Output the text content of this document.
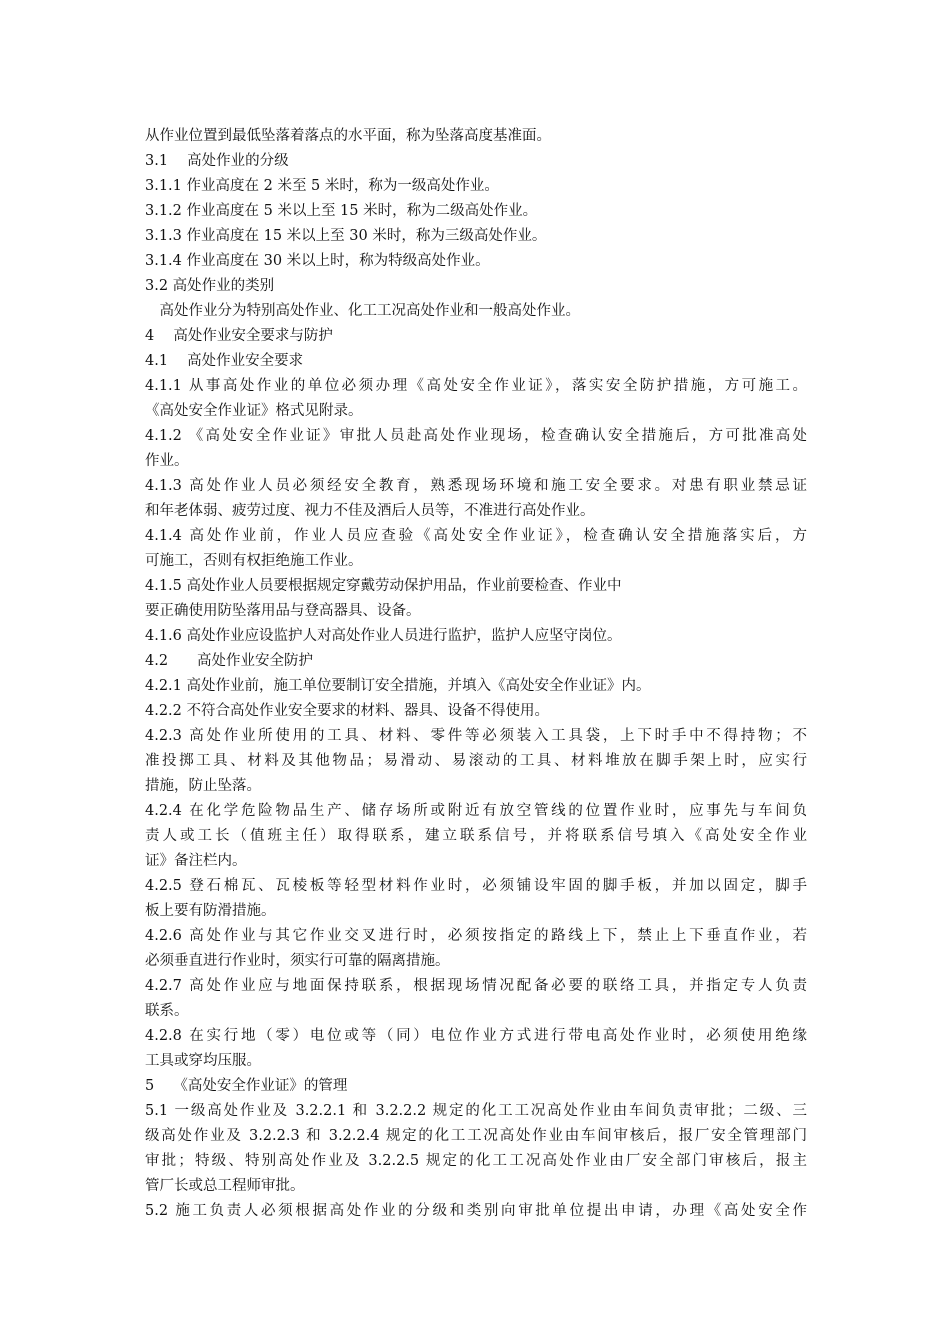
从作业位置到最低坠落着落点的水平面，称为坠落高度基准面。
3.1　 高处作业的分级
3.1.1 作业高度在 2 米至 5 米时，称为一级高处作业。
3.1.2 作业高度在 5 米以上至 15 米时，称为二级高处作业。
3.1.3 作业高度在 15 米以上至 30 米时，称为三级高处作业。
3.1.4 作业高度在 30 米以上时，称为特级高处作业。
3.2 高处作业的类别
　高处作业分为特别高处作业、化工工况高处作业和一般高处作业。
4　 高处作业安全要求与防护
4.1　 高处作业安全要求
4.1.1 从事高处作业的单位必须办理《高处安全作业证》，落实安全防护措施，方可施工。
《高处安全作业证》格式见附录。
4.1.2 《高处安全作业证》审批人员赴高处作业现场，检查确认安全措施后，方可批准高处
作业。
4.1.3 高处作业人员必须经安全教育，熟悉现场环境和施工安全要求。对患有职业禁忌证
和年老体弱、疲劳过度、视力不佳及酒后人员等，不准进行高处作业。
4.1.4 高处作业前，作业人员应查验《高处安全作业证》，检查确认安全措施落实后，方
可施工，否则有权拒绝施工作业。
4.1.5 高处作业人员要根据规定穿戴劳动保护用品，作业前要检查、作业中
要正确使用防坠落用品与登高器具、设备。
4.1.6 高处作业应设监护人对高处作业人员进行监护，监护人应坚守岗位。
4.2　　高处作业安全防护
4.2.1 高处作业前，施工单位要制订安全措施，并填入《高处安全作业证》内。
4.2.2 不符合高处作业安全要求的材料、器具、设备不得使用。
4.2.3 高处作业所使用的工具、材料、零件等必须装入工具袋，上下时手中不得持物；不
准投掷工具、材料及其他物品；易滑动、易滚动的工具、材料堆放在脚手架上时，应实行
措施，防止坠落。
4.2.4 在化学危险物品生产、储存场所或附近有放空管线的位置作业时，应事先与车间负
责人或工长（值班主任）取得联系，建立联系信号，并将联系信号填入《高处安全作业
证》备注栏内。
4.2.5 登石棉瓦、瓦棱板等轻型材料作业时，必须铺设牢固的脚手板，并加以固定，脚手
板上要有防滑措施。
4.2.6 高处作业与其它作业交叉进行时，必须按指定的路线上下，禁止上下垂直作业，若
必须垂直进行作业时，须实行可靠的隔离措施。
4.2.7 高处作业应与地面保持联系，根据现场情况配备必要的联络工具，并指定专人负责
联系。
4.2.8 在实行地（零）电位或等（同）电位作业方式进行带电高处作业时，必须使用绝缘
工具或穿均压服。
5　 《高处安全作业证》的管理
5.1 一级高处作业及 3.2.2.1 和 3.2.2.2 规定的化工工况高处作业由车间负责审批；二级、三
级高处作业及 3.2.2.3 和 3.2.2.4 规定的化工工况高处作业由车间审核后，报厂安全管理部门
审批；特级、特别高处作业及 3.2.2.5 规定的化工工况高处作业由厂安全部门审核后，报主
管厂长或总工程师审批。
5.2 施工负责人必须根据高处作业的分级和类别向审批单位提出申请，办理《高处安全作
